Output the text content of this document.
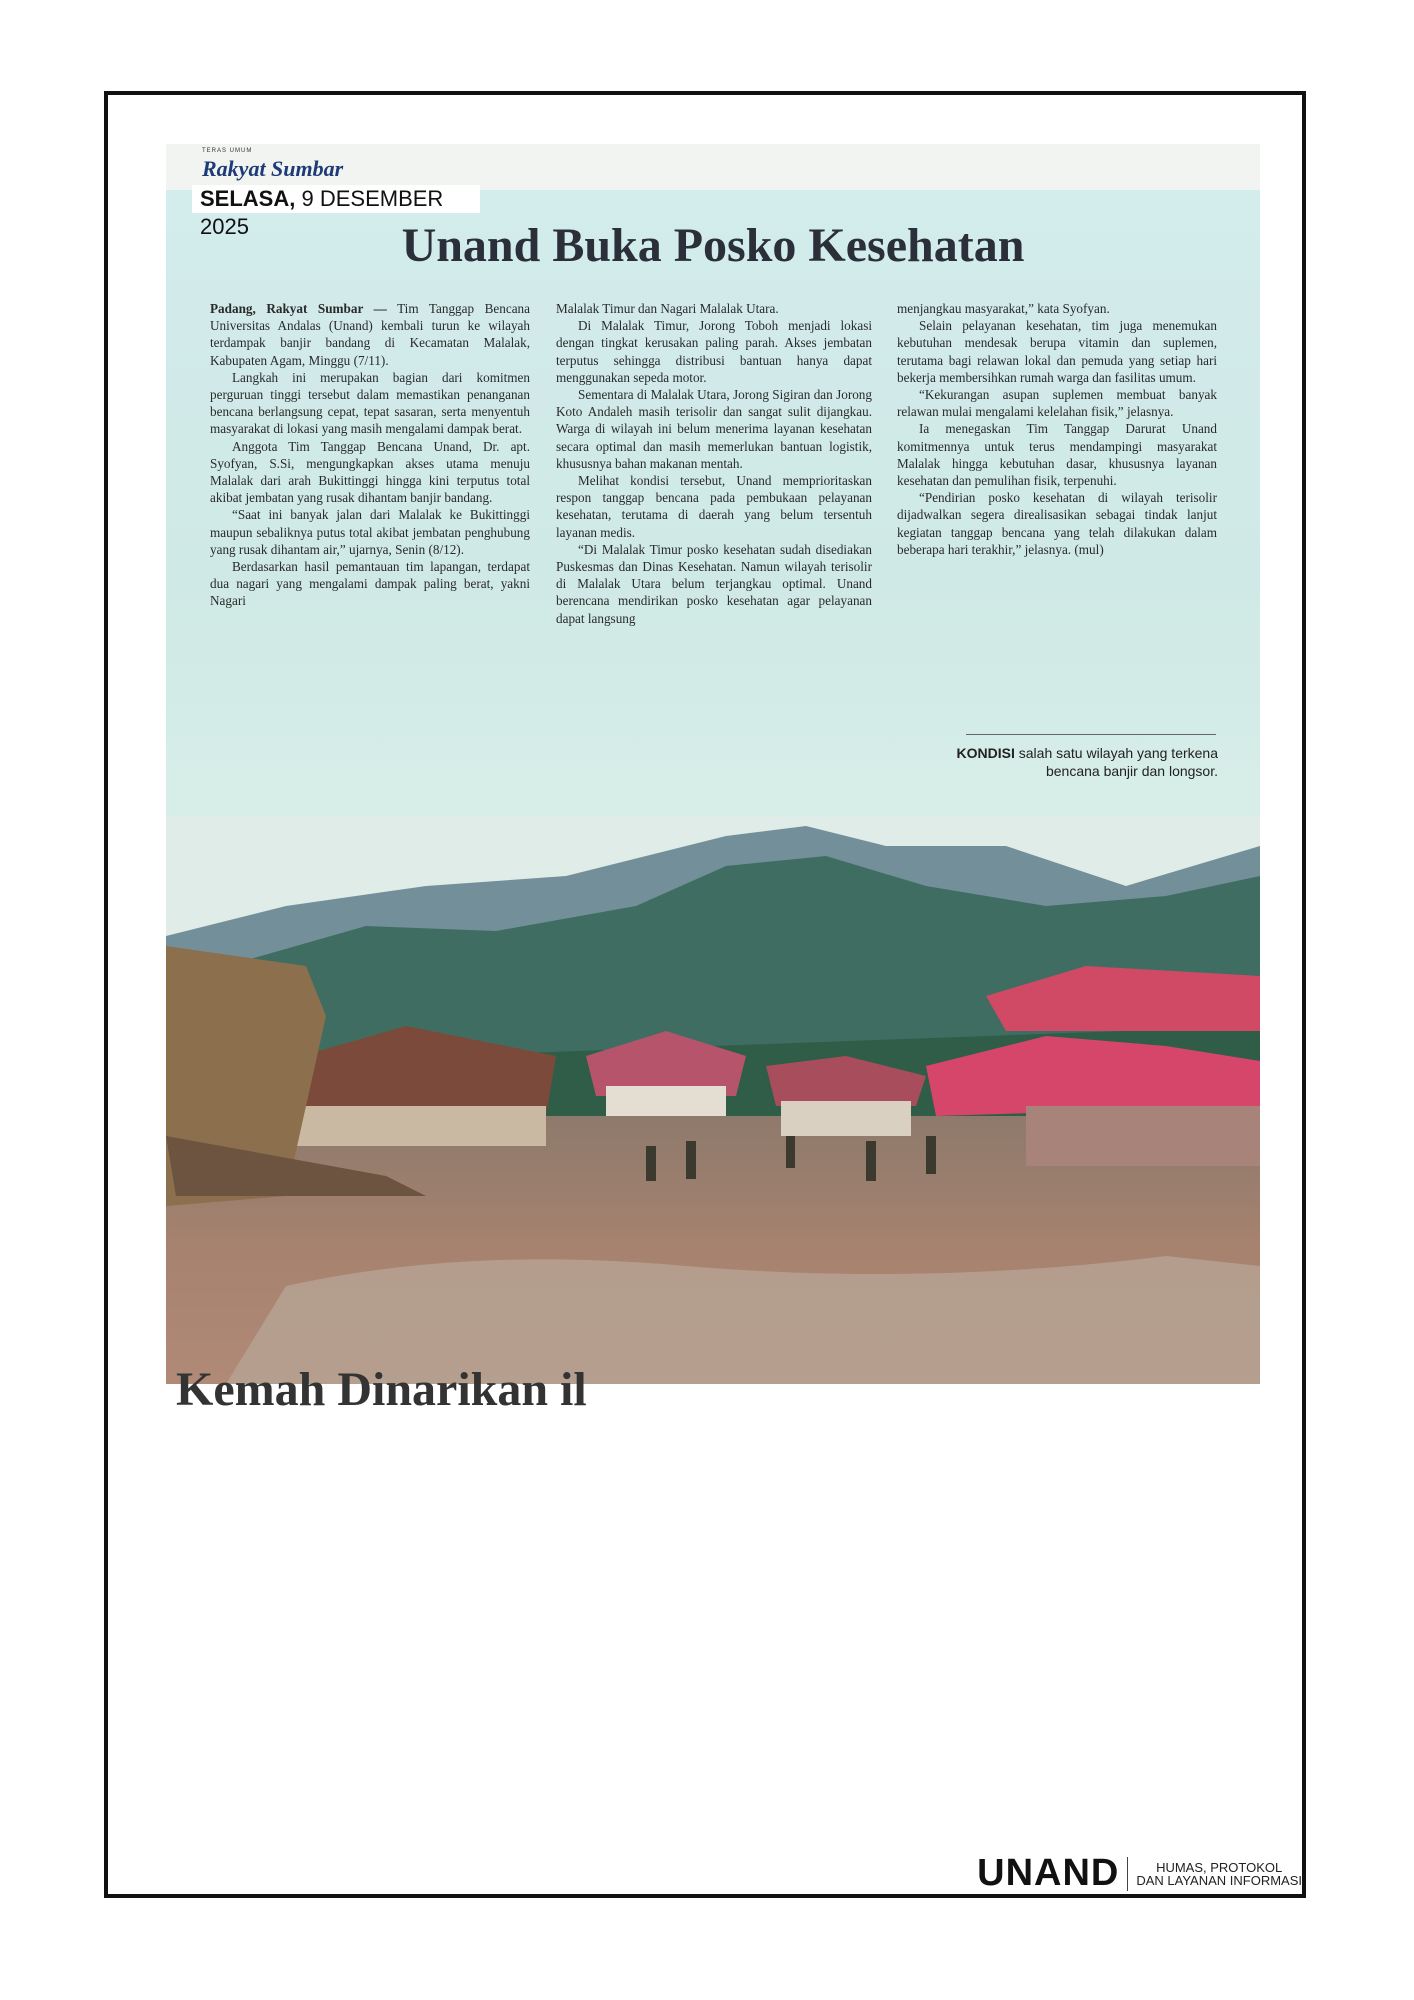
TERAS UMUM
Rakyat Sumbar
SELASA, 9 DESEMBER 2025	Unand Buka Posko Kesehatan

Padang, Rakyat Sumbar — Tim Tanggap Bencana Universitas Andalas (Unand) kembali turun ke wilayah terdampak banjir bandang di Kecamatan Malalak, Kabupaten Agam, Minggu (7/11).

Langkah ini merupakan bagian dari komitmen perguruan tinggi tersebut dalam memastikan penanganan bencana berlangsung cepat, tepat sasaran, serta menyentuh masyarakat di lokasi yang masih mengalami dampak berat.

Anggota Tim Tanggap Bencana Unand, Dr. apt. Syofyan, S.Si, mengungkapkan akses utama menuju Malalak dari arah Bukittinggi hingga kini terputus total akibat jembatan yang rusak dihantam banjir bandang.

“Saat ini banyak jalan dari Malalak ke Bukittinggi maupun sebaliknya putus total akibat jembatan penghubung yang rusak dihantam air,” ujarnya, Senin (8/12).

Berdasarkan hasil pemantauan tim lapangan, terdapat dua nagari yang mengalami dampak paling berat, yakni Nagari

Malalak Timur dan Nagari Malalak Utara.

Di Malalak Timur, Jorong Toboh menjadi lokasi dengan tingkat kerusakan paling parah. Akses jembatan terputus sehingga distribusi bantuan hanya dapat menggunakan sepeda motor.

Sementara di Malalak Utara, Jorong Sigiran dan Jorong Koto Andaleh masih terisolir dan sangat sulit dijangkau. Warga di wilayah ini belum menerima layanan kesehatan secara optimal dan masih memerlukan bantuan logistik, khususnya bahan makanan mentah.

Melihat kondisi tersebut, Unand memprioritaskan respon tanggap bencana pada pembukaan pelayanan kesehatan, terutama di daerah yang belum tersentuh layanan medis.

“Di Malalak Timur posko kesehatan sudah disediakan Puskesmas dan Dinas Kesehatan. Namun wilayah terisolir di Malalak Utara belum terjangkau optimal. Unand berencana mendirikan posko kesehatan agar pelayanan dapat langsung

menjangkau masyarakat,” kata Syofyan.

Selain pelayanan kesehatan, tim juga menemukan kebutuhan mendesak berupa vitamin dan suplemen, terutama bagi relawan lokal dan pemuda yang setiap hari bekerja membersihkan rumah warga dan fasilitas umum.

“Kekurangan asupan suplemen membuat banyak relawan mulai mengalami kelelahan fisik,” jelasnya.

Ia menegaskan Tim Tanggap Darurat Unand komitmennya untuk terus mendampingi masyarakat Malalak hingga kebutuhan dasar, khususnya layanan kesehatan dan pemulihan fisik, terpenuhi.

“Pendirian posko kesehatan di wilayah terisolir dijadwalkan segera direalisasikan sebagai tindak lanjut kegiatan tanggap bencana yang telah dilakukan dalam beberapa hari terakhir,” jelasnya. (mul)

KONDISI salah satu wilayah yang terkena bencana banjir dan longsor.
Kemah Dinarikan il
UNAND	HUMAS, PROTOKOL
DAN LAYANAN INFORMASI
